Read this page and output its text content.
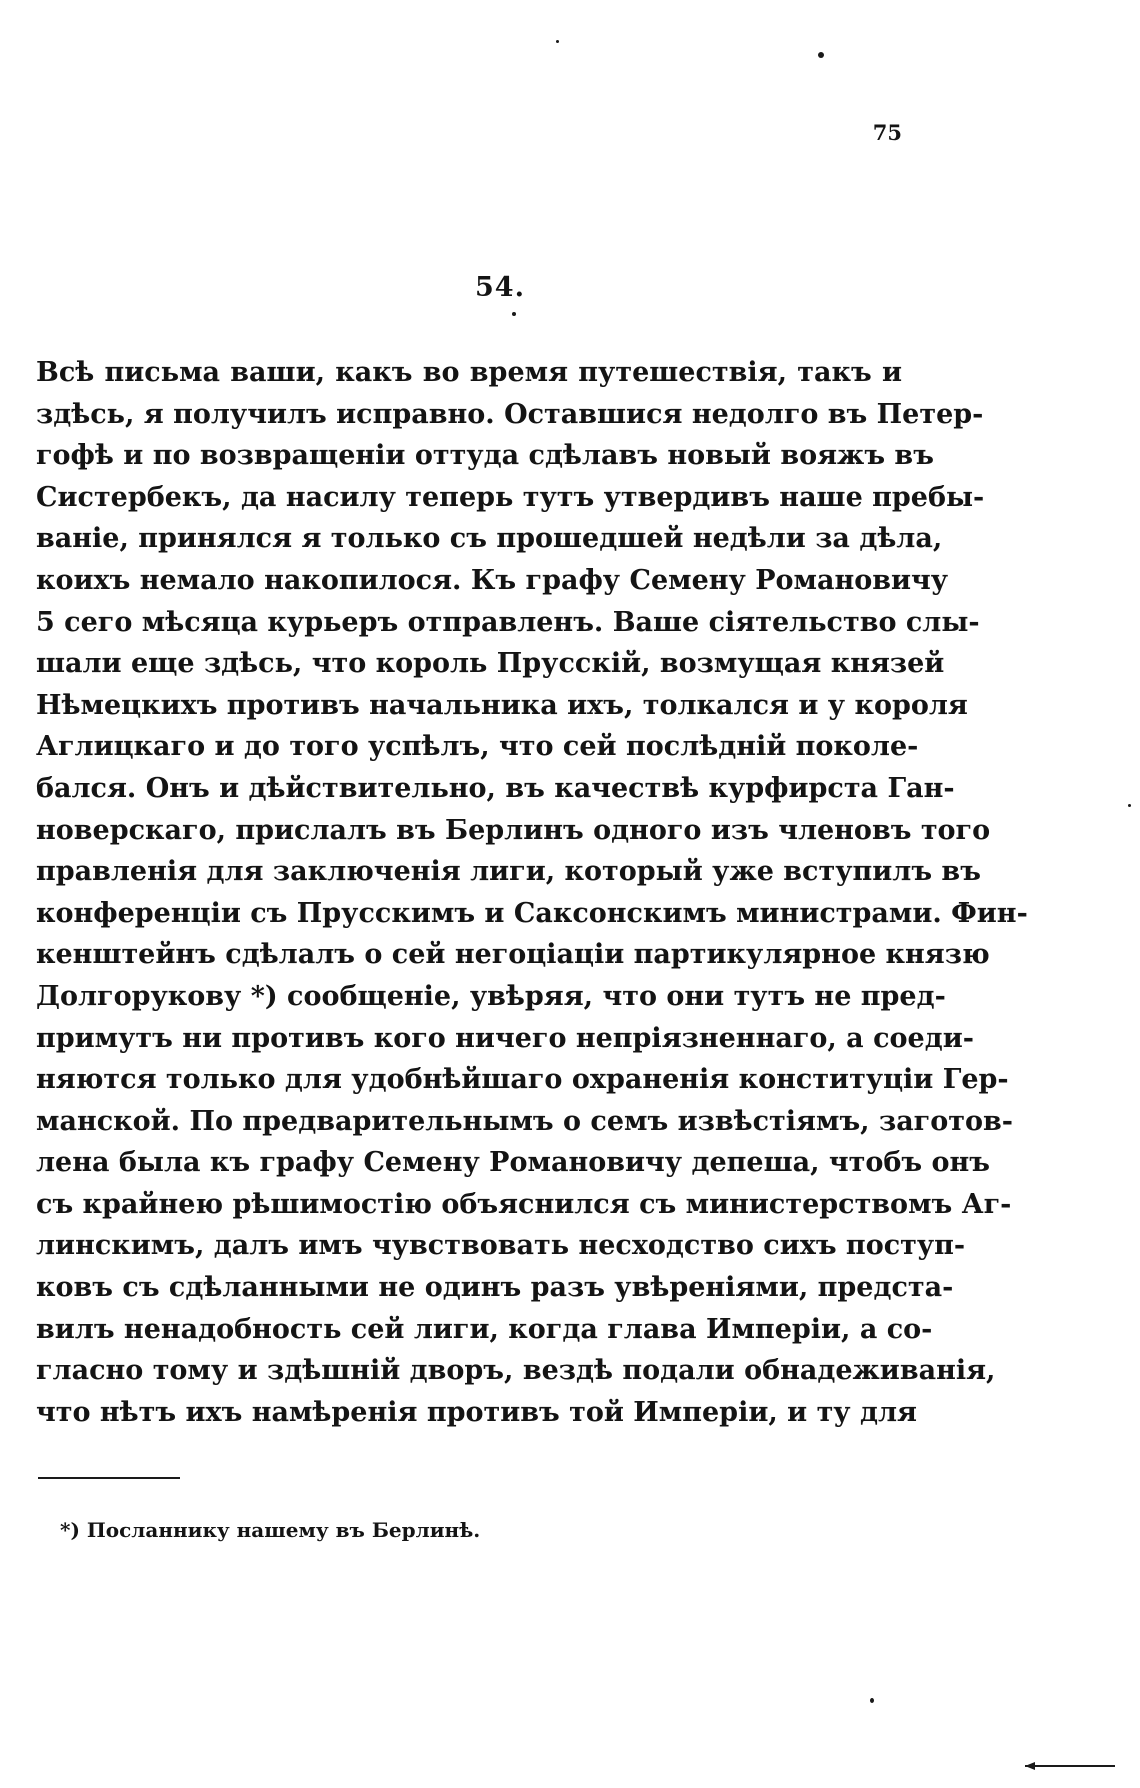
75
54.
Всѣ письма ваши, какъ во время путешествія, такъ и
здѣсь, я получилъ исправно. Оставшися недолго въ Петер-
гофѣ и по возвращеніи оттуда сдѣлавъ новый вояжъ въ
Систербекъ, да насилу теперь тутъ утвердивъ наше пребы-
ваніе, принялся я только съ прошедшей недѣли за дѣла,
коихъ немало накопилося. Къ графу Семену Романовичу
5 сего мѣсяца курьеръ отправленъ. Ваше сіятельство слы-
шали еще здѣсь, что король Прусскій, возмущая князей
Нѣмецкихъ противъ начальника ихъ, толкался и у короля
Аглицкаго и до того успѣлъ, что сей послѣдній поколе-
бался. Онъ и дѣйствительно, въ качествѣ курфирста Ган-
новерскаго, прислалъ въ Берлинъ одного изъ членовъ того
правленія для заключенія лиги, который уже вступилъ въ
конференціи съ Прусскимъ и Саксонскимъ министрами. Фин-
кенштейнъ сдѣлалъ о сей негоціаціи партикулярное князю
Долгорукову *) сообщеніе, увѣряя, что они тутъ не пред-
примутъ ни противъ кого ничего непріязненнаго, а соеди-
няются только для удобнѣйшаго охраненія конституціи Гер-
манской. По предварительнымъ о семъ извѣстіямъ, заготов-
лена была къ графу Семену Романовичу депеша, чтобъ онъ
съ крайнею рѣшимостію объяснился съ министерствомъ Аг-
линскимъ, далъ имъ чувствовать несходство сихъ поступ-
ковъ съ сдѣланными не одинъ разъ увѣреніями, предста-
вилъ ненадобность сей лиги, когда глава Имперіи, а со-
гласно тому и здѣшній дворъ, вездѣ подали обнадеживанія,
что нѣтъ ихъ намѣренія противъ той Имперіи, и ту для
*) Посланнику нашему въ Берлинѣ.
